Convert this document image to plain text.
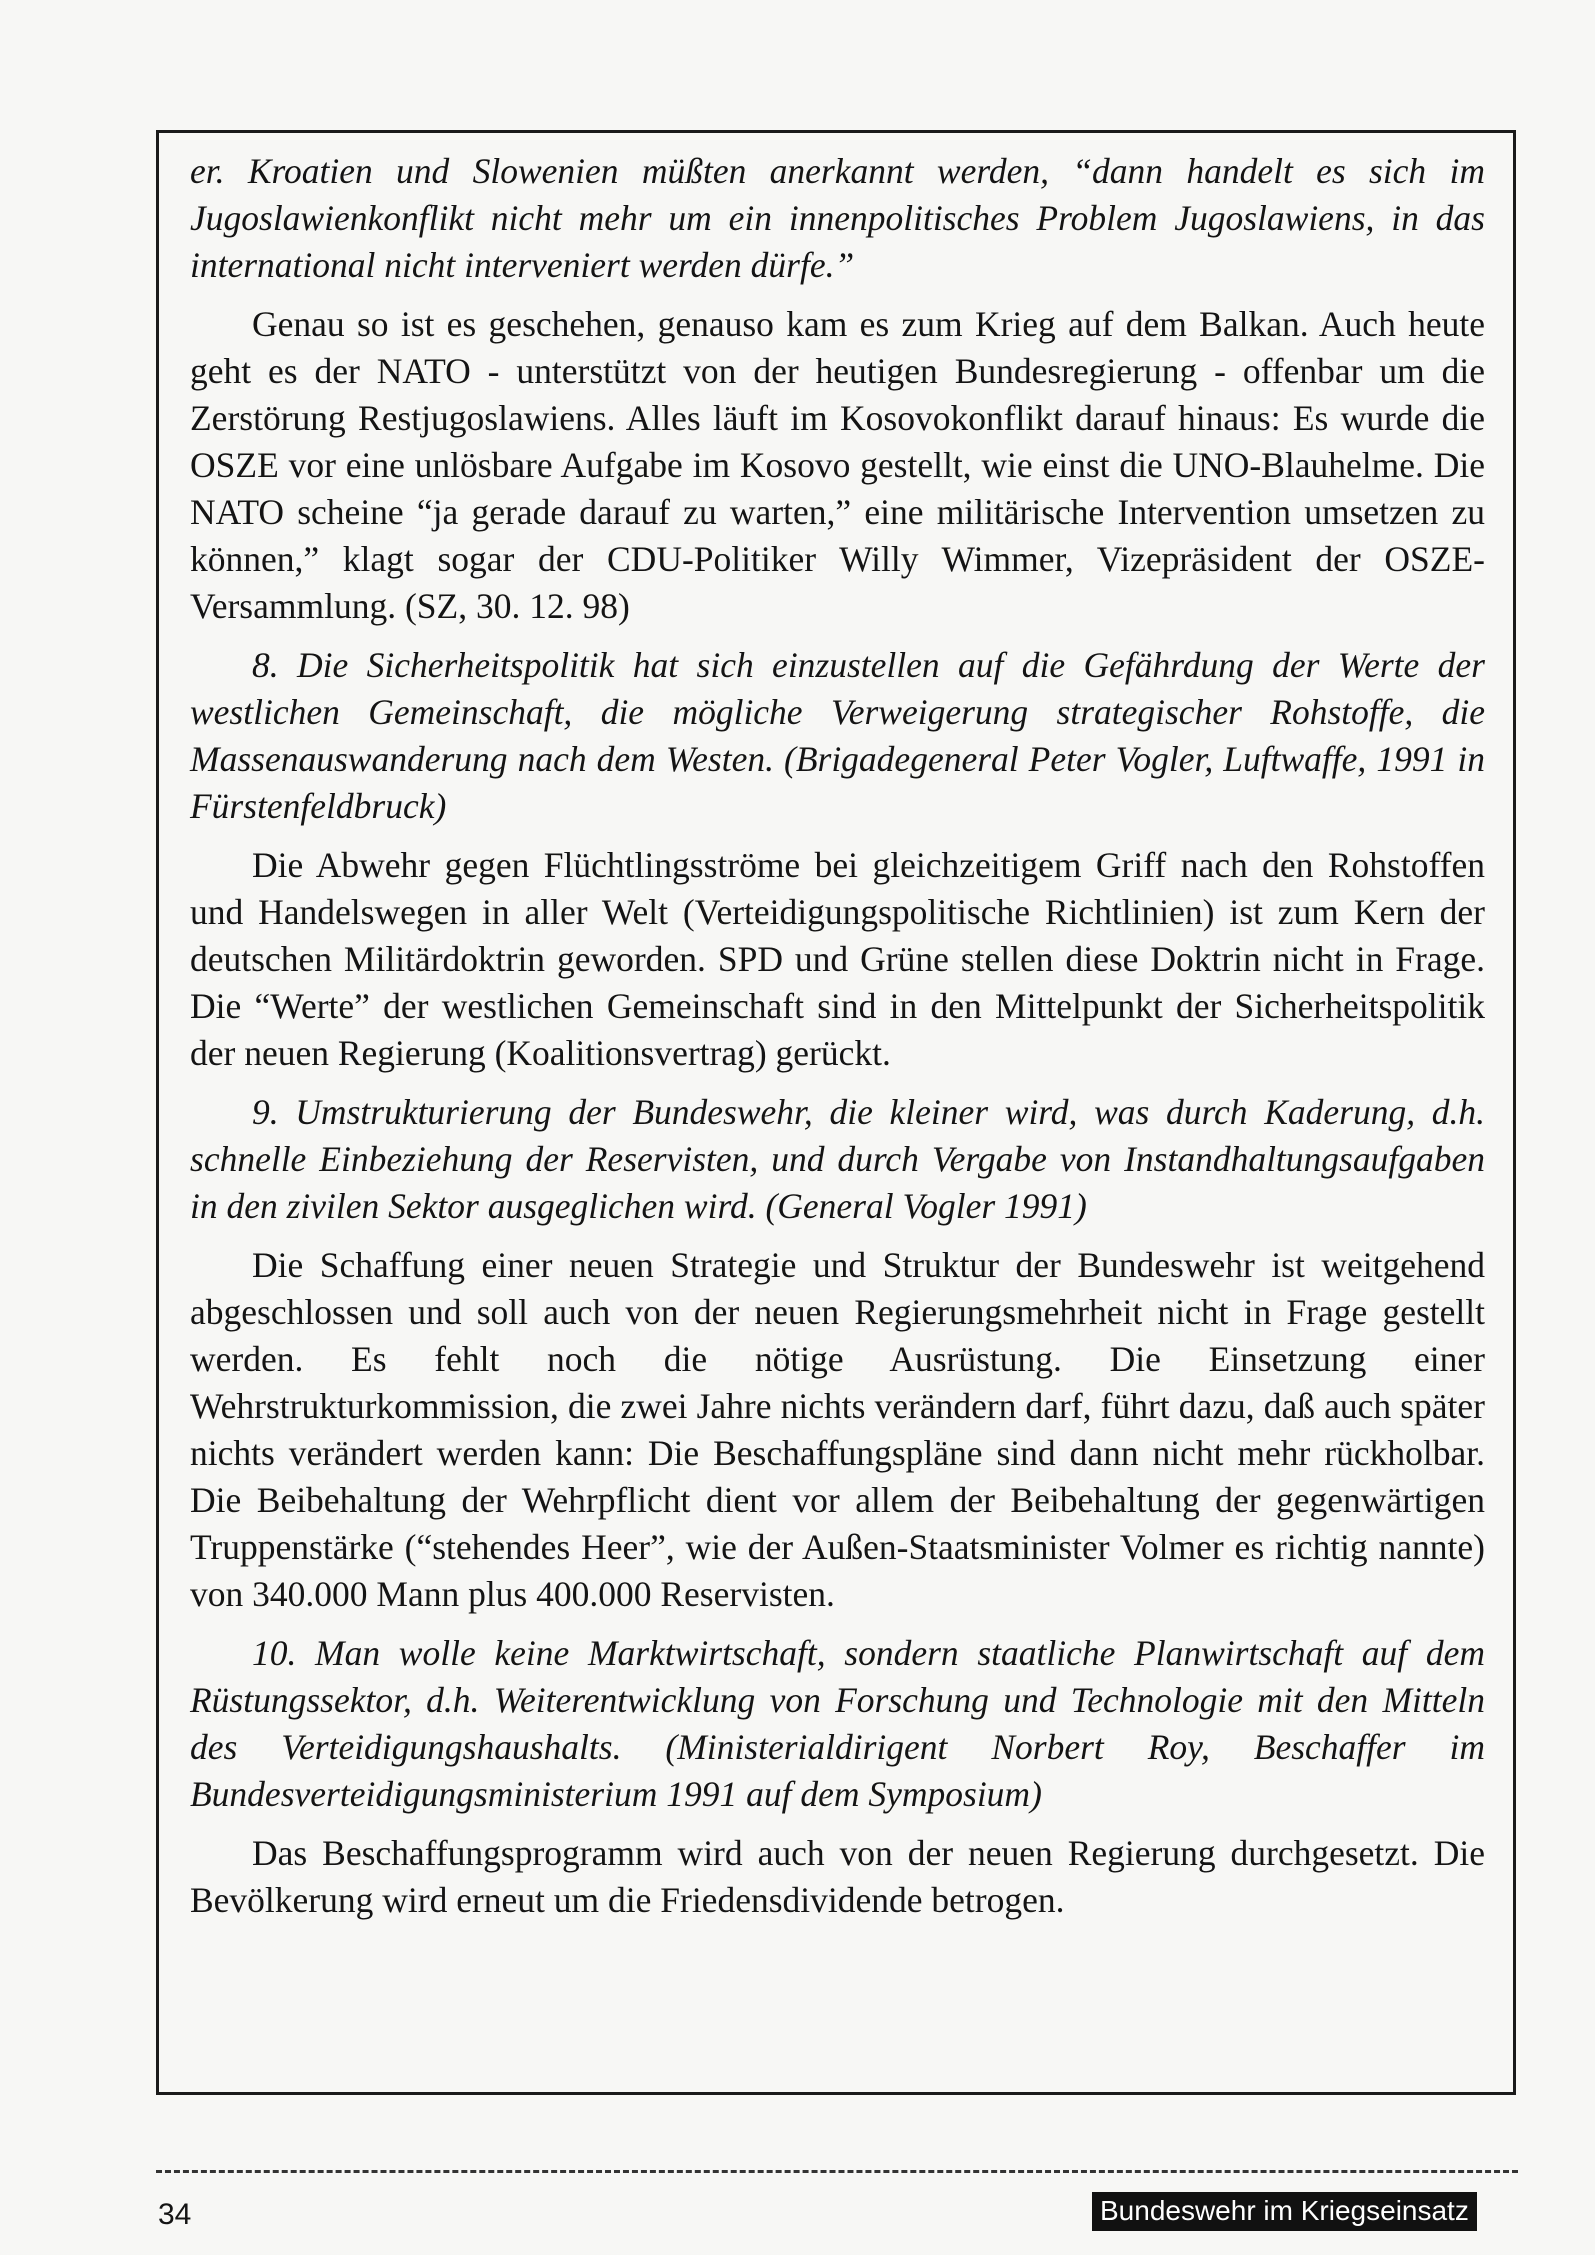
er. Kroatien und Slowenien müßten anerkannt werden, “dann handelt es sich im Jugoslawienkonflikt nicht mehr um ein innenpolitisches Problem Jugoslawiens, in das international nicht interveniert werden dürfe.”

Genau so ist es geschehen, genauso kam es zum Krieg auf dem Balkan. Auch heute geht es der NATO - unterstützt von der heutigen Bundesregierung - offenbar um die Zerstörung Restjugoslawiens. Alles läuft im Kosovokonflikt darauf hinaus: Es wurde die OSZE vor eine unlösbare Aufgabe im Kosovo gestellt, wie einst die UNO-Blauhelme. Die NATO scheine “ja gerade darauf zu warten,” eine militärische Intervention umsetzen zu können,” klagt sogar der CDU-Politiker Willy Wimmer, Vizepräsident der OSZE-Versammlung. (SZ, 30. 12. 98)

8. Die Sicherheitspolitik hat sich einzustellen auf die Gefährdung der Werte der westlichen Gemeinschaft, die mögliche Verweigerung strategischer Rohstoffe, die Massenauswanderung nach dem Westen. (Brigadegeneral Peter Vogler, Luftwaffe, 1991 in Fürstenfeldbruck)

Die Abwehr gegen Flüchtlingsströme bei gleichzeitigem Griff nach den Rohstoffen und Handelswegen in aller Welt (Verteidigungspolitische Richtlinien) ist zum Kern der deutschen Militärdoktrin geworden. SPD und Grüne stellen diese Doktrin nicht in Frage. Die “Werte” der westlichen Gemeinschaft sind in den Mittelpunkt der Sicherheitspolitik der neuen Regierung (Koalitionsvertrag) gerückt.

9. Umstrukturierung der Bundeswehr, die kleiner wird, was durch Kaderung, d.h. schnelle Einbeziehung der Reservisten, und durch Vergabe von Instandhaltungsaufgaben in den zivilen Sektor ausgeglichen wird. (General Vogler 1991)

Die Schaffung einer neuen Strategie und Struktur der Bundeswehr ist weitgehend abgeschlossen und soll auch von der neuen Regierungsmehrheit nicht in Frage gestellt werden. Es fehlt noch die nötige Ausrüstung. Die Einsetzung einer Wehrstrukturkommission, die zwei Jahre nichts verändern darf, führt dazu, daß auch später nichts verändert werden kann: Die Beschaffungspläne sind dann nicht mehr rückholbar. Die Beibehaltung der Wehrpflicht dient vor allem der Beibehaltung der gegenwärtigen Truppenstärke (“stehendes Heer”, wie der Außen-Staatsminister Volmer es richtig nannte) von 340.000 Mann plus 400.000 Reservisten.

10. Man wolle keine Marktwirtschaft, sondern staatliche Planwirtschaft auf dem Rüstungssektor, d.h. Weiterentwicklung von Forschung und Technologie mit den Mitteln des Verteidigungshaushalts. (Ministerialdirigent Norbert Roy, Beschaffer im Bundesverteidigungsministerium 1991 auf dem Symposium)

Das Beschaffungsprogramm wird auch von der neuen Regierung durchgesetzt. Die Bevölkerung wird erneut um die Friedensdividende betrogen.

34	Bundeswehr im Kriegseinsatz
